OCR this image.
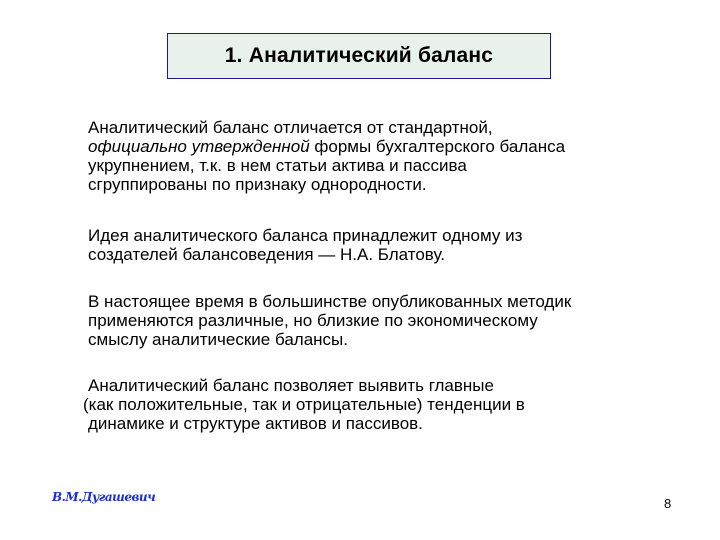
1. Аналитический баланс
Аналитический баланс отличается от стандартной,
официально утвержденной формы бухгалтерского баланса
укрупнением, т.к. в нем статьи актива и пассива
сгруппированы по признаку однородности.
Идея аналитического баланса принадлежит одному из
создателей балансоведения — Н.А. Блатову.
В настоящее время в большинстве опубликованных методик
применяются различные, но близкие по экономическому
смыслу аналитические балансы.
Аналитический баланс позволяет выявить главные
(как положительные, так и отрицательные) тенденции в
динамике и структуре активов и пассивов.
В.М.Дугашевич	8
